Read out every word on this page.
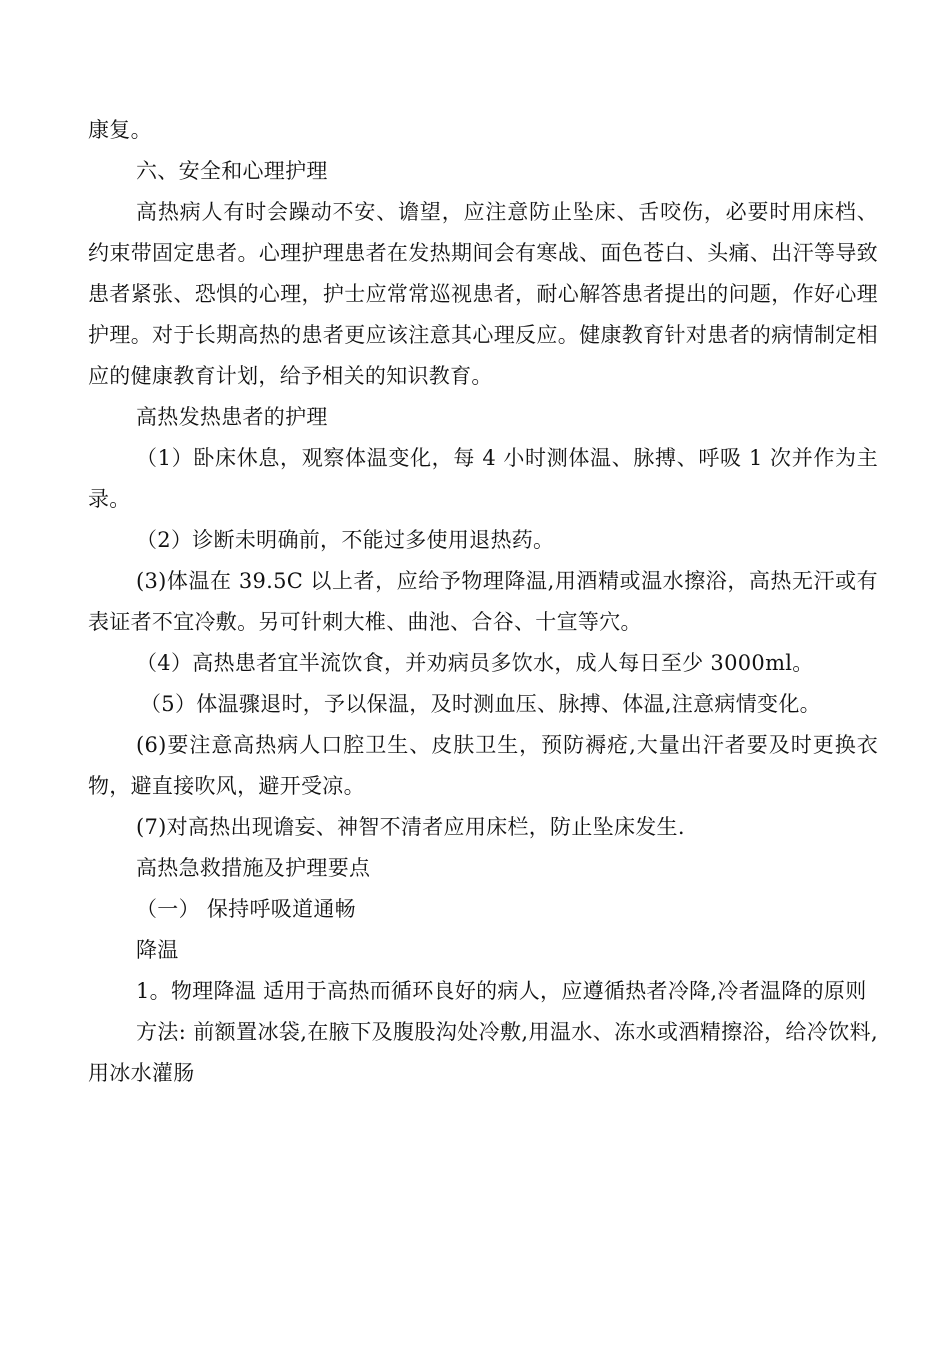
康复。

六、安全和心理护理

高热病人有时会躁动不安、谵望，应注意防止坠床、舌咬伤，必要时用床档、约束带固定患者。心理护理患者在发热期间会有寒战、面色苍白、头痛、出汗等导致患者紧张、恐惧的心理，护士应常常巡视患者，耐心解答患者提出的问题，作好心理护理。对于长期高热的患者更应该注意其心理反应。健康教育针对患者的病情制定相应的健康教育计划，给予相关的知识教育。

高热发热患者的护理

（1）卧床休息，观察体温变化，每 4 小时测体温、脉搏、呼吸 1 次并作为主录。

（2）诊断未明确前，不能过多使用退热药。

(3)体温在 39.5C 以上者，应给予物理降温,用酒精或温水擦浴，高热无汗或有表证者不宜冷敷。另可针刺大椎、曲池、合谷、十宣等穴。

（4）高热患者宜半流饮食，并劝病员多饮水，成人每日至少 3000ml。

（5）体温骤退时，予以保温，及时测血压、脉搏、体温,注意病情变化。

(6)要注意高热病人口腔卫生、皮肤卫生，预防褥疮,大量出汗者要及时更换衣物，避直接吹风，避开受凉。

(7)对高热出现谵妄、神智不清者应用床栏，防止坠床发生.

高热急救措施及护理要点

（一） 保持呼吸道通畅

降温

1。物理降温 适用于高热而循环良好的病人，应遵循热者冷降,冷者温降的原则

方法: 前额置冰袋,在腋下及腹股沟处冷敷,用温水、冻水或酒精擦浴，给冷饮料,用冰水灌肠
